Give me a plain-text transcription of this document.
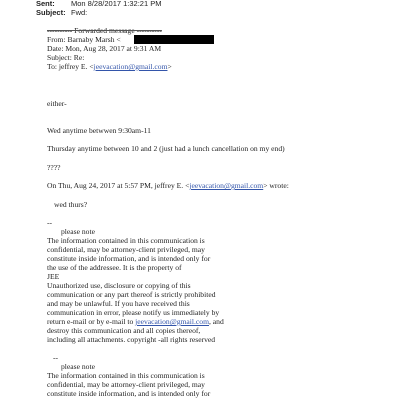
Sent: Mon 8/28/2017 1:32:21 PM
Subject: Fwd:
---------- Forwarded message ----------
From: Barnaby Marsh <
Date: Mon, Aug 28, 2017 at 9:31 AM
Subject: Re:
To: jeffrey E. <jeevacation@gmail.com>
either-
Wed anytime betwwen 9:30am-11
Thursday anytime between 10 and 2 (just had a lunch cancellation on my end)
????
On Thu, Aug 24, 2017 at 5:57 PM, jeffrey E. <jeevacation@gmail.com> wrote:
wed thurs?
--
please note
The information contained in this communication is
confidential, may be attorney-client privileged, may
constitute inside information, and is intended only for
the use of the addressee. It is the property of
JEE
Unauthorized use, disclosure or copying of this
communication or any part thereof is strictly prohibited
and may be unlawful. If you have received this
communication in error, please notify us immediately by
return e-mail or by e-mail to jeevacation@gmail.com, and
destroy this communication and all copies thereof,
including all attachments. copyright -all rights reserved
--
please note
The information contained in this communication is
confidential, may be attorney-client privileged, may
constitute inside information, and is intended only for
